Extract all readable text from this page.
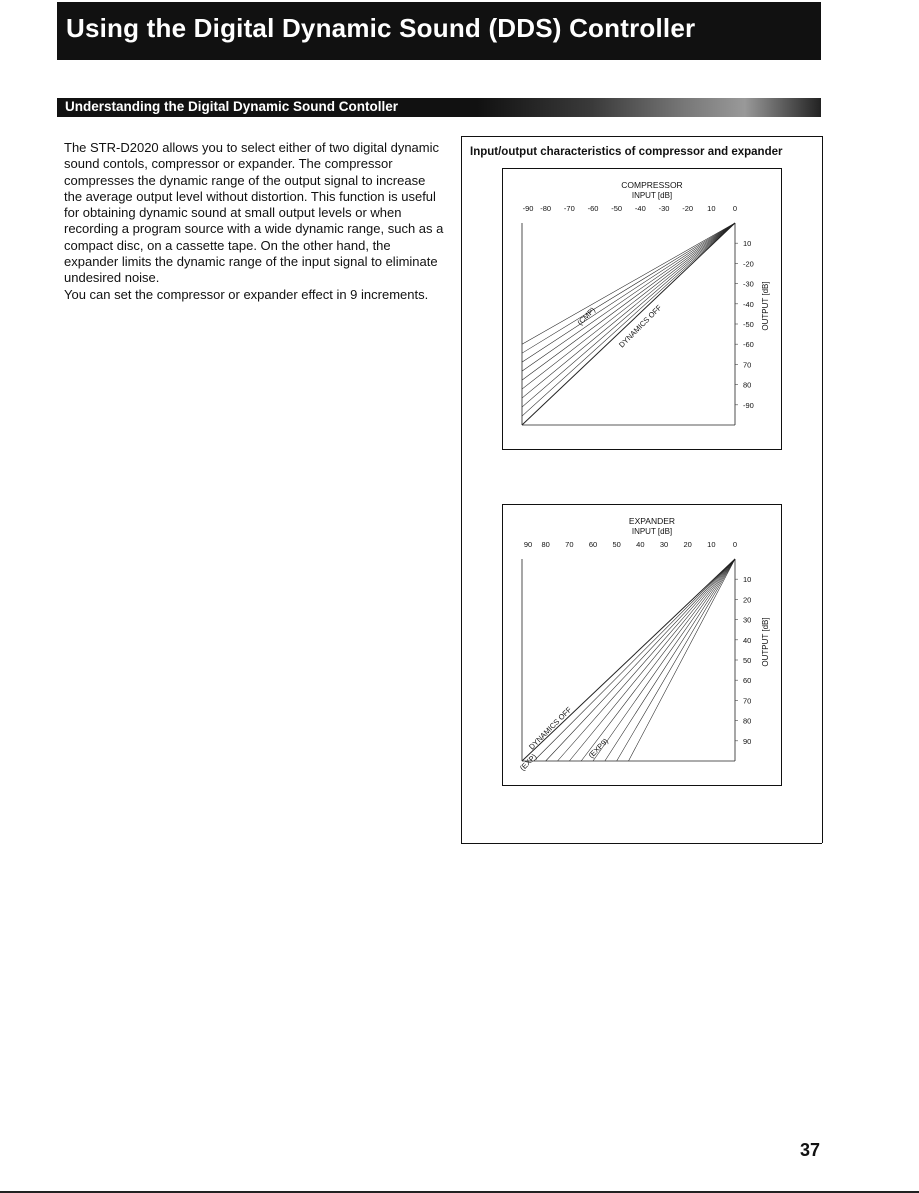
Using the Digital Dynamic Sound (DDS) Controller
Understanding the Digital Dynamic Sound Contoller

The STR-D2020 allows you to select either of two digital dynamic sound contols, compressor or expander. The compressor compresses the dynamic range of the output signal to increase the average output level without distortion. This function is useful for obtaining dynamic sound at small output levels or when recording a program source with a wide dynamic range, such as a compact disc, on a cassette tape. On the other hand, the expander limits the dynamic range of the input signal to eliminate undesired noise.

You can set the compressor or expander effect in 9 increments.

Input/output characteristics of compressor and expander
COMPRESSOR
INPUT [dB]
-90 -80 -70 -60 -50 -40 -30 -20 10 0
10
-20
-30
-40
-50
-60
70
80
-90
OUTPUT [dB]
(CMP)	DYNAMICS OFF
EXPANDER
INPUT [dB]
90 80 70 60 50 40 30 20 10 0
10
20
30
40
50
60
70
80
90
OUTPUT [dB]
DYNAMICS OFF
(EXP)
(EXP9)
37
